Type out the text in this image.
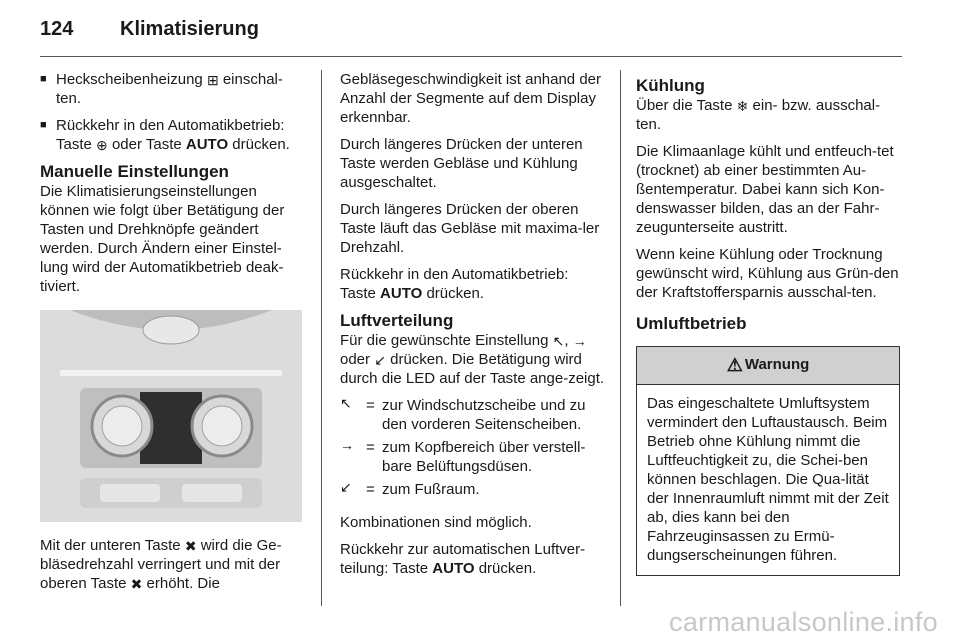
124	Klimatisierung
■ Heckscheibenheizung ⊞ einschal-ten.
■ Rückkehr in den Automatikbetrieb: Taste ⊕ oder Taste AUTO drücken.
Manuelle Einstellungen

Die Klimatisierungseinstellungen können wie folgt über Betätigung der Tasten und Drehknöpfe geändert werden. Durch Ändern einer Einstel-lung wird der Automatikbetrieb deak-tiviert.

Mit der unteren Taste ✖ wird die Ge-bläsedrehzahl verringert und mit der oberen Taste ✖ erhöht. Die

Gebläsegeschwindigkeit ist anhand der Anzahl der Segmente auf dem Display erkennbar.

Durch längeres Drücken der unteren Taste werden Gebläse und Kühlung ausgeschaltet.

Durch längeres Drücken der oberen Taste läuft das Gebläse mit maxima-ler Drehzahl.

Rückkehr in den Automatikbetrieb: Taste AUTO drücken.

Luftverteilung

Für die gewünschte Einstellung ↖, → oder ↙ drücken. Die Betätigung wird durch die LED auf der Taste ange-zeigt.

↖ = zur Windschutzscheibe und zu den vorderen Seitenscheiben.
→ = zum Kopfbereich über verstell-bare Belüftungsdüsen.
↙ = zum Fußraum.

Kombinationen sind möglich.

Rückkehr zur automatischen Luftver-teilung: Taste AUTO drücken.

Kühlung

Über die Taste ❄ ein- bzw. ausschal-ten.

Die Klimaanlage kühlt und entfeuch-tet (trocknet) ab einer bestimmten Au-ßentemperatur. Dabei kann sich Kon-denswasser bilden, das an der Fahr-zeugunterseite austritt.

Wenn keine Kühlung oder Trocknung gewünscht wird, Kühlung aus Grün-den der Kraftstoffersparnis ausschal-ten.

Umluftbetrieb
⚠ Warnung
Das eingeschaltete Umluftsystem vermindert den Luftaustausch. Beim Betrieb ohne Kühlung nimmt die Luftfeuchtigkeit zu, die Schei-ben können beschlagen. Die Qua-lität der Innenraumluft nimmt mit der Zeit ab, dies kann bei den Fahrzeuginsassen zu Ermü-dungserscheinungen führen.
carmanualsonline.info
